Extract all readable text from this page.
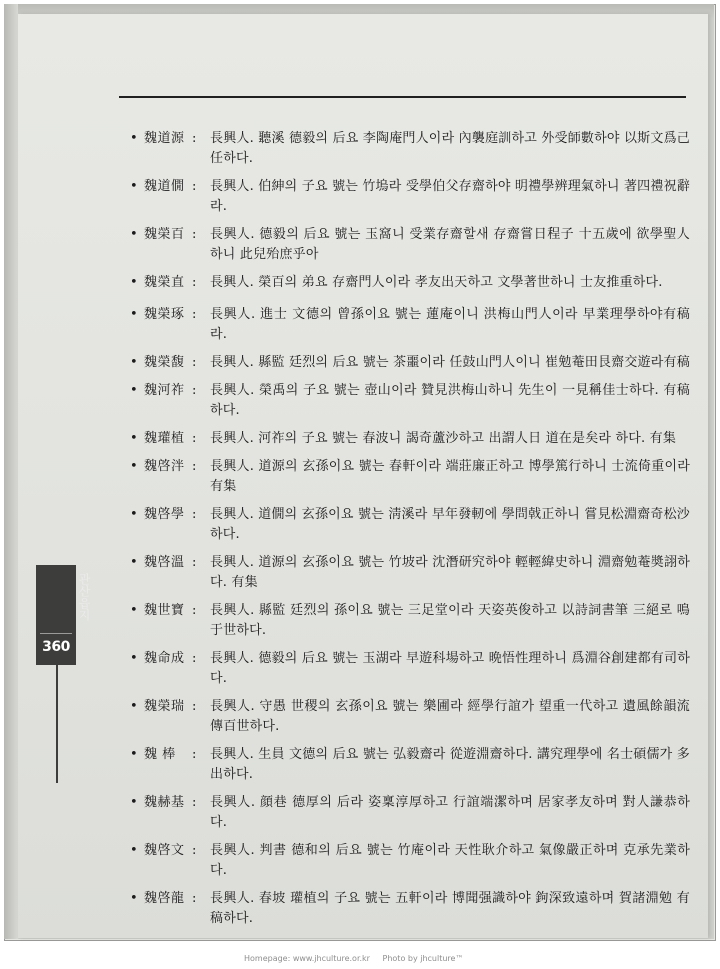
관산읍지
360
• 魏道源 :	長興人. 聽溪 德毅의 后요 李陶庵門人이라 內襲庭訓하고 外受師數하야 以斯文爲己任하다.
• 魏道僩 :	長興人. 伯紳의 子요 號는 竹塢라 受學伯父存齋하야 明禮學辨理氣하니 著四禮祝辭라.
• 魏榮百 :	長興人. 德毅의 后요 號는 玉窩니 受業存齋할새 存齋嘗日程子 十五歲에 欲學聖人하니 此兒殆庶乎아
• 魏榮直 :	長興人. 榮百의 弟요 存齋門人이라 孝友出天하고 文學著世하니 士友推重하다.
• 魏榮琢 :	長興人. 進士 文德의 曾孫이요 號는 蓮庵이니 洪梅山門人이라 早業理學하야有稿라.
• 魏榮馥 :	長興人. 縣監 廷烈의 后요 號는 茶噩이라 任鼓山門人이니 崔勉菴田艮齋交遊라有稿
• 魏河祚 :	長興人. 榮禹의 子요 號는 壺山이라 贊見洪梅山하니 先生이 一見稱佳士하다. 有稿하다.
• 魏瓘植 :	長興人. 河祚의 子요 號는 春波니 謁奇蘆沙하고 出謂人日 道在是矣라 하다. 有集
• 魏啓泮 :	長興人. 道源의 玄孫이요 號는 春軒이라 端莊廉正하고 博學篤行하니 士流倚重이라 有集
• 魏啓學 :	長興人. 道僩의 玄孫이요 號는 淸溪라 早年發軔에 學問戟正하니 嘗見松淵齋奇松沙하다.
• 魏啓溫 :	長興人. 道源의 玄孫이요 號는 竹坡라 沈潛研究하야 輕輕緯史하니 淵齋勉菴奬詡하다. 有集
• 魏世寶 :	長興人. 縣監 廷烈의 孫이요 號는 三足堂이라 天姿英俊하고 以詩詞書筆 三絕로 鳴于世하다.
• 魏命成 :	長興人. 德毅의 后요 號는 玉湖라 早遊科場하고 晩悟性理하니 爲淵谷創建都有司하다.
• 魏榮瑞 :	長興人. 守愚 世稷의 玄孫이요 號는 樂圃라 經學行誼가 望重一代하고 遺風餘韻流傳百世하다.
• 魏 棒	:	長興人. 生員 文德의 后요 號는 弘毅齋라 從遊淵齋하다. 講究理學에 名士碩儒가 多出하다.
• 魏赫基 :	長興人. 顔巷 德厚의 后라 姿稟淳厚하고 行誼端潔하며 居家孝友하며 對人謙恭하다.
• 魏啓文 :	長興人. 判書 德和의 后요 號는 竹庵이라 天性耿介하고 氣像嚴正하며 克承先業하다.
• 魏啓龍 :	長興人. 春坡 瓘植의 子요 號는 五軒이라 博聞强識하야 鉤深致遠하며 賀諸淵勉 有稿하다.
Homepage: www.jhculture.or.kr Photo by jhculture™
